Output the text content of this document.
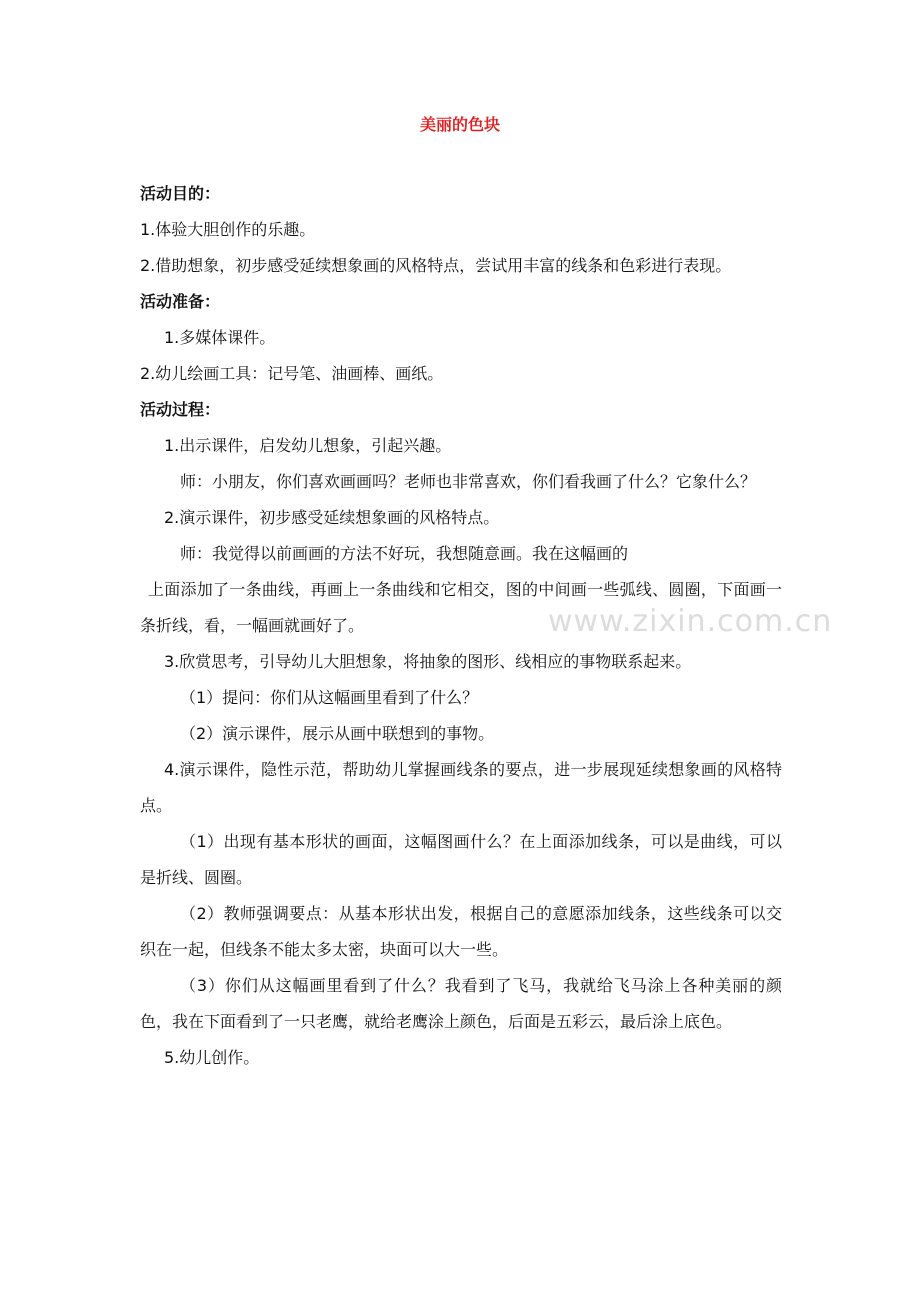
美丽的色块

活动目的：

1.体验大胆创作的乐趣。

2.借助想象，初步感受延续想象画的风格特点，尝试用丰富的线条和色彩进行表现。

活动准备：

1.多媒体课件。

2.幼儿绘画工具：记号笔、油画棒、画纸。

活动过程：

1.出示课件，启发幼儿想象，引起兴趣。

师：小朋友，你们喜欢画画吗？老师也非常喜欢，你们看我画了什么？它象什么？

2.演示课件，初步感受延续想象画的风格特点。

师：我觉得以前画画的方法不好玩，我想随意画。我在这幅画的

上面添加了一条曲线，再画上一条曲线和它相交，图的中间画一些弧线、圆圈，下面画一条折线，看，一幅画就画好了。

3.欣赏思考，引导幼儿大胆想象，将抽象的图形、线相应的事物联系起来。

（1）提问：你们从这幅画里看到了什么？

（2）演示课件，展示从画中联想到的事物。

4.演示课件，隐性示范，帮助幼儿掌握画线条的要点，进一步展现延续想象画的风格特点。

（1）出现有基本形状的画面，这幅图画什么？在上面添加线条，可以是曲线，可以是折线、圆圈。

（2）教师强调要点：从基本形状出发，根据自己的意愿添加线条，这些线条可以交织在一起，但线条不能太多太密，块面可以大一些。

（3）你们从这幅画里看到了什么？我看到了飞马，我就给飞马涂上各种美丽的颜色，我在下面看到了一只老鹰，就给老鹰涂上颜色，后面是五彩云，最后涂上底色。

5.幼儿创作。

www.zixin.com.cn
